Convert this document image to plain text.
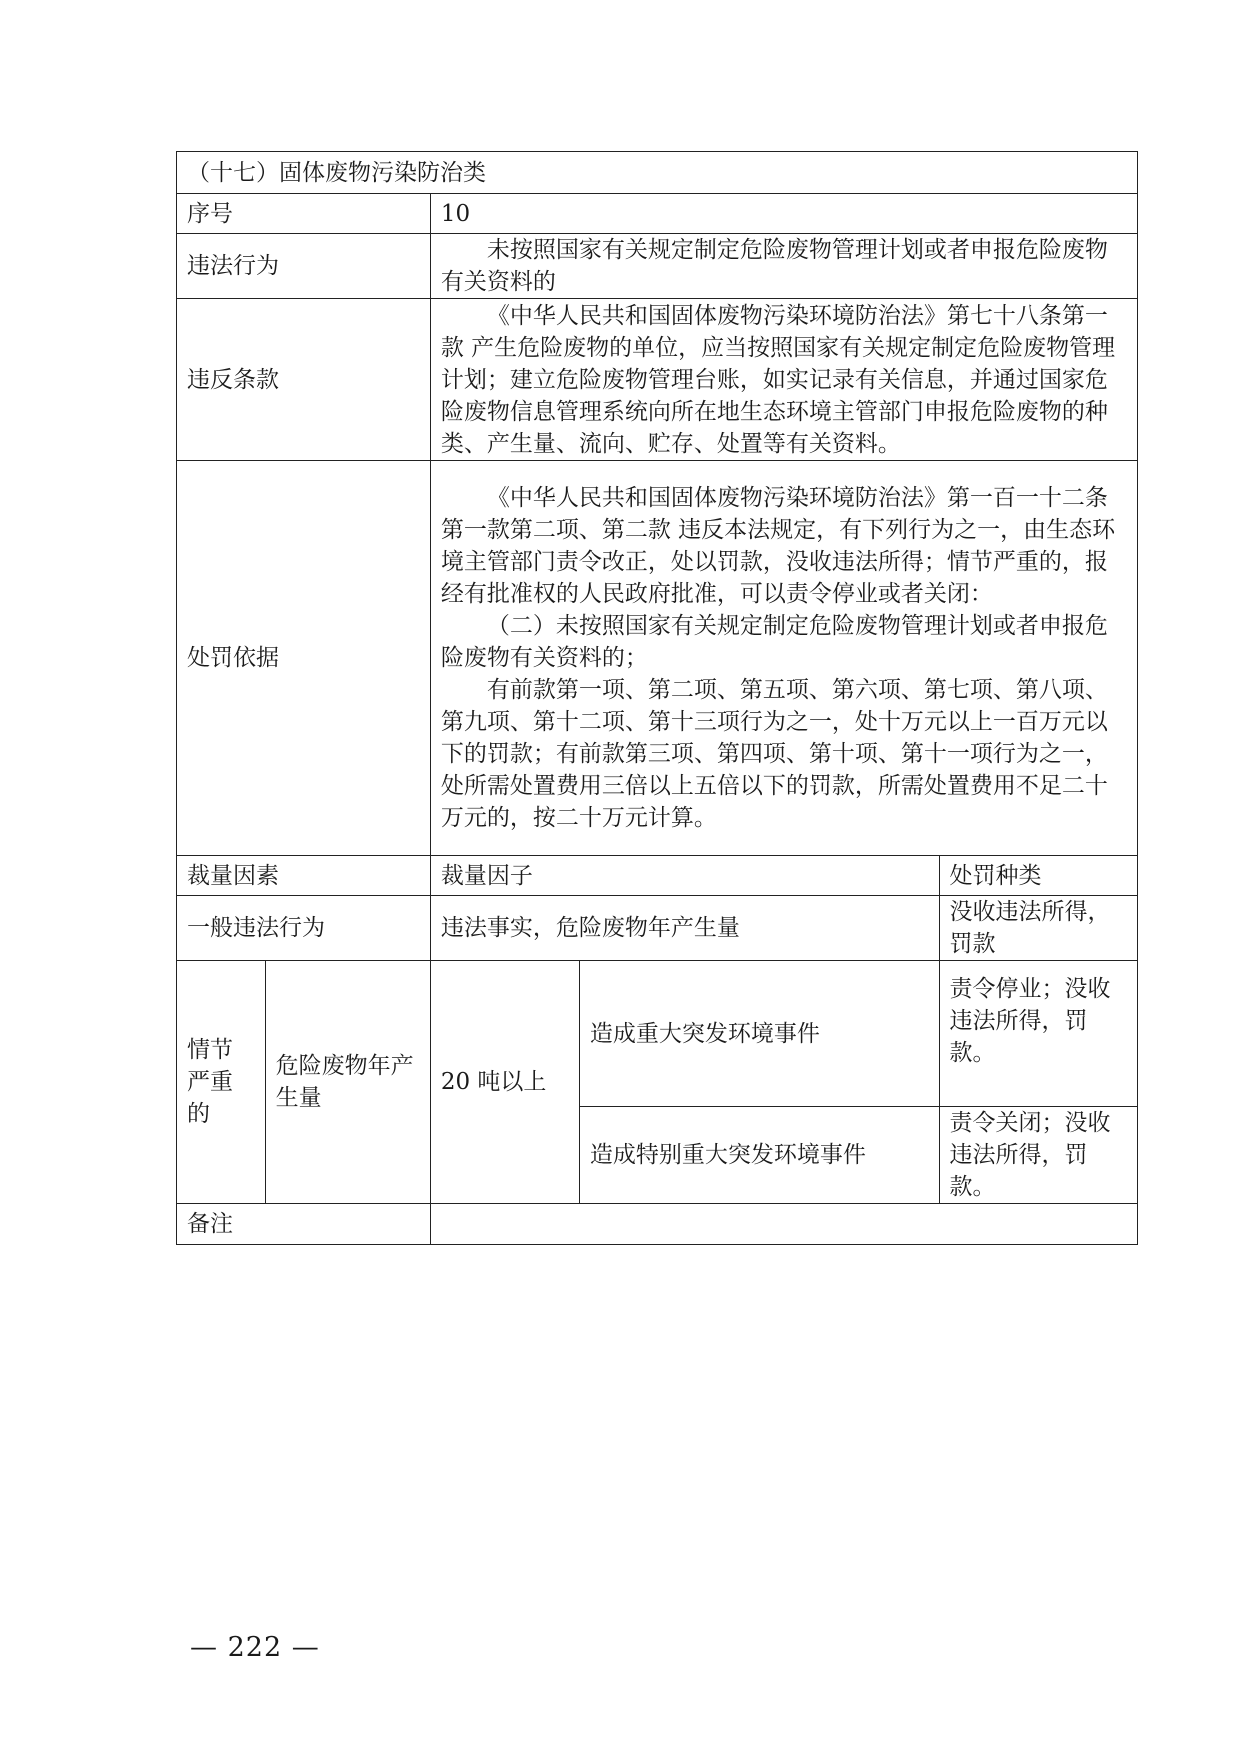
（十七）固体废物污染防治类				
序号		10		
违法行为		未按照国家有关规定制定危险废物管理计划或者申报危险废物有关资料的		
违反条款		《中华人民共和国固体废物污染环境防治法》第七十八条第一款 产生危险废物的单位，应当按照国家有关规定制定危险废物管理计划；建立危险废物管理台账，如实记录有关信息，并通过国家危险废物信息管理系统向所在地生态环境主管部门申报危险废物的种类、产生量、流向、贮存、处置等有关资料。		
处罚依据		《中华人民共和国固体废物污染环境防治法》第一百一十二条第一款第二项、第二款 违反本法规定，有下列行为之一，由生态环境主管部门责令改正，处以罚款，没收违法所得；情节严重的，报经有批准权的人民政府批准，可以责令停业或者关闭：

（二）未按照国家有关规定制定危险废物管理计划或者申报危险废物有关资料的；

有前款第一项、第二项、第五项、第六项、第七项、第八项、第九项、第十二项、第十三项行为之一，处十万元以上一百万元以下的罚款；有前款第三项、第四项、第十项、第十一项行为之一，处所需处置费用三倍以上五倍以下的罚款，所需处置费用不足二十万元的，按二十万元计算。		

裁量因素		裁量因子		处罚种类
一般违法行为		违法事实，危险废物年产生量		没收违法所得，罚款
情节严重的	危险废物年产生量	20 吨以上	造成重大突发环境事件	责令停业；没收违法所得，罚款。
			造成特别重大突发环境事件	责令关闭；没收违法所得，罚款。
备注				
— 222 —
